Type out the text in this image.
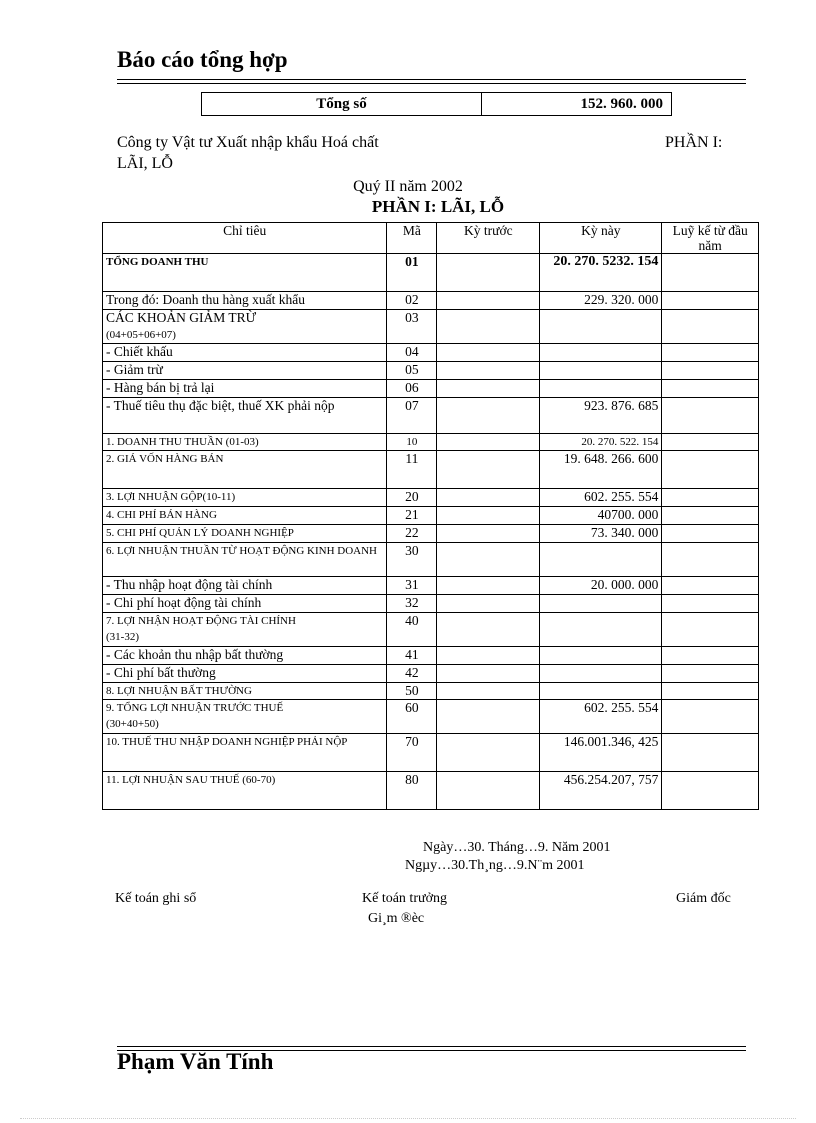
Báo cáo tổng hợp
Tổng số	152. 960. 000
Công ty Vật tư Xuất nhập khẩu Hoá chất	PHẦN I:
LÃI, LỖ
Quý II năm 2002
PHẦN I: LÃI, LỖ
Chỉ tiêu	Mã	Kỳ trước	Kỳ này	Luỹ kế từ đầu năm
TỔNG DOANH THU	01		20. 270. 5232. 154	
Trong đó: Doanh thu hàng xuất khẩu	02		229. 320. 000	
CÁC KHOẢN GIẢM TRỪ
(04+05+06+07)	03			
- Chiết khấu	04			
- Giảm trừ	05			
- Hàng bán bị trả lại	06			
- Thuế tiêu thụ đặc biệt, thuế XK phải nộp	07		923. 876. 685	
1. DOANH THU THUẦN (01-03)	10		20. 270. 522. 154	
2. GIÁ VỐN HÀNG BÁN	11		19. 648. 266. 600	
3. LỢI NHUẬN GỘP(10-11)	20		602. 255. 554	
4. CHI PHÍ BÁN HÀNG	21		40700. 000	
5. CHI PHÍ QUẢN LÝ DOANH NGHIỆP	22		73. 340. 000	
6. LỢI NHUẬN THUẦN TỪ HOẠT ĐỘNG KINH DOANH	30			
- Thu nhập hoạt động tài chính	31		20. 000. 000	
- Chi phí hoạt động tài chính	32			
7. LỢI NHẬN HOẠT ĐỘNG TÀI CHÍNH
(31-32)	40			
- Các khoản thu nhập bất thường	41			
- Chi phí bất thường	42			
8. LỢI NHUẬN BẤT THƯỜNG	50			
9. TỔNG LỢI NHUẬN TRƯỚC THUẾ
(30+40+50)	60		602. 255. 554	
10. THUẾ THU NHẬP DOANH NGHIỆP PHẢI NỘP	70		146.001.346, 425	
11. LỢI NHUẬN SAU THUẾ (60-70)	80		456.254.207, 757	
Ngày…30. Tháng…9. Năm 2001
Ngµy…30.Th¸ng…9.N¨m 2001
Kế toán ghi sổ	Kế toán trưởng	Giám đốc
Gi¸m ®èc
Phạm Văn Tính
